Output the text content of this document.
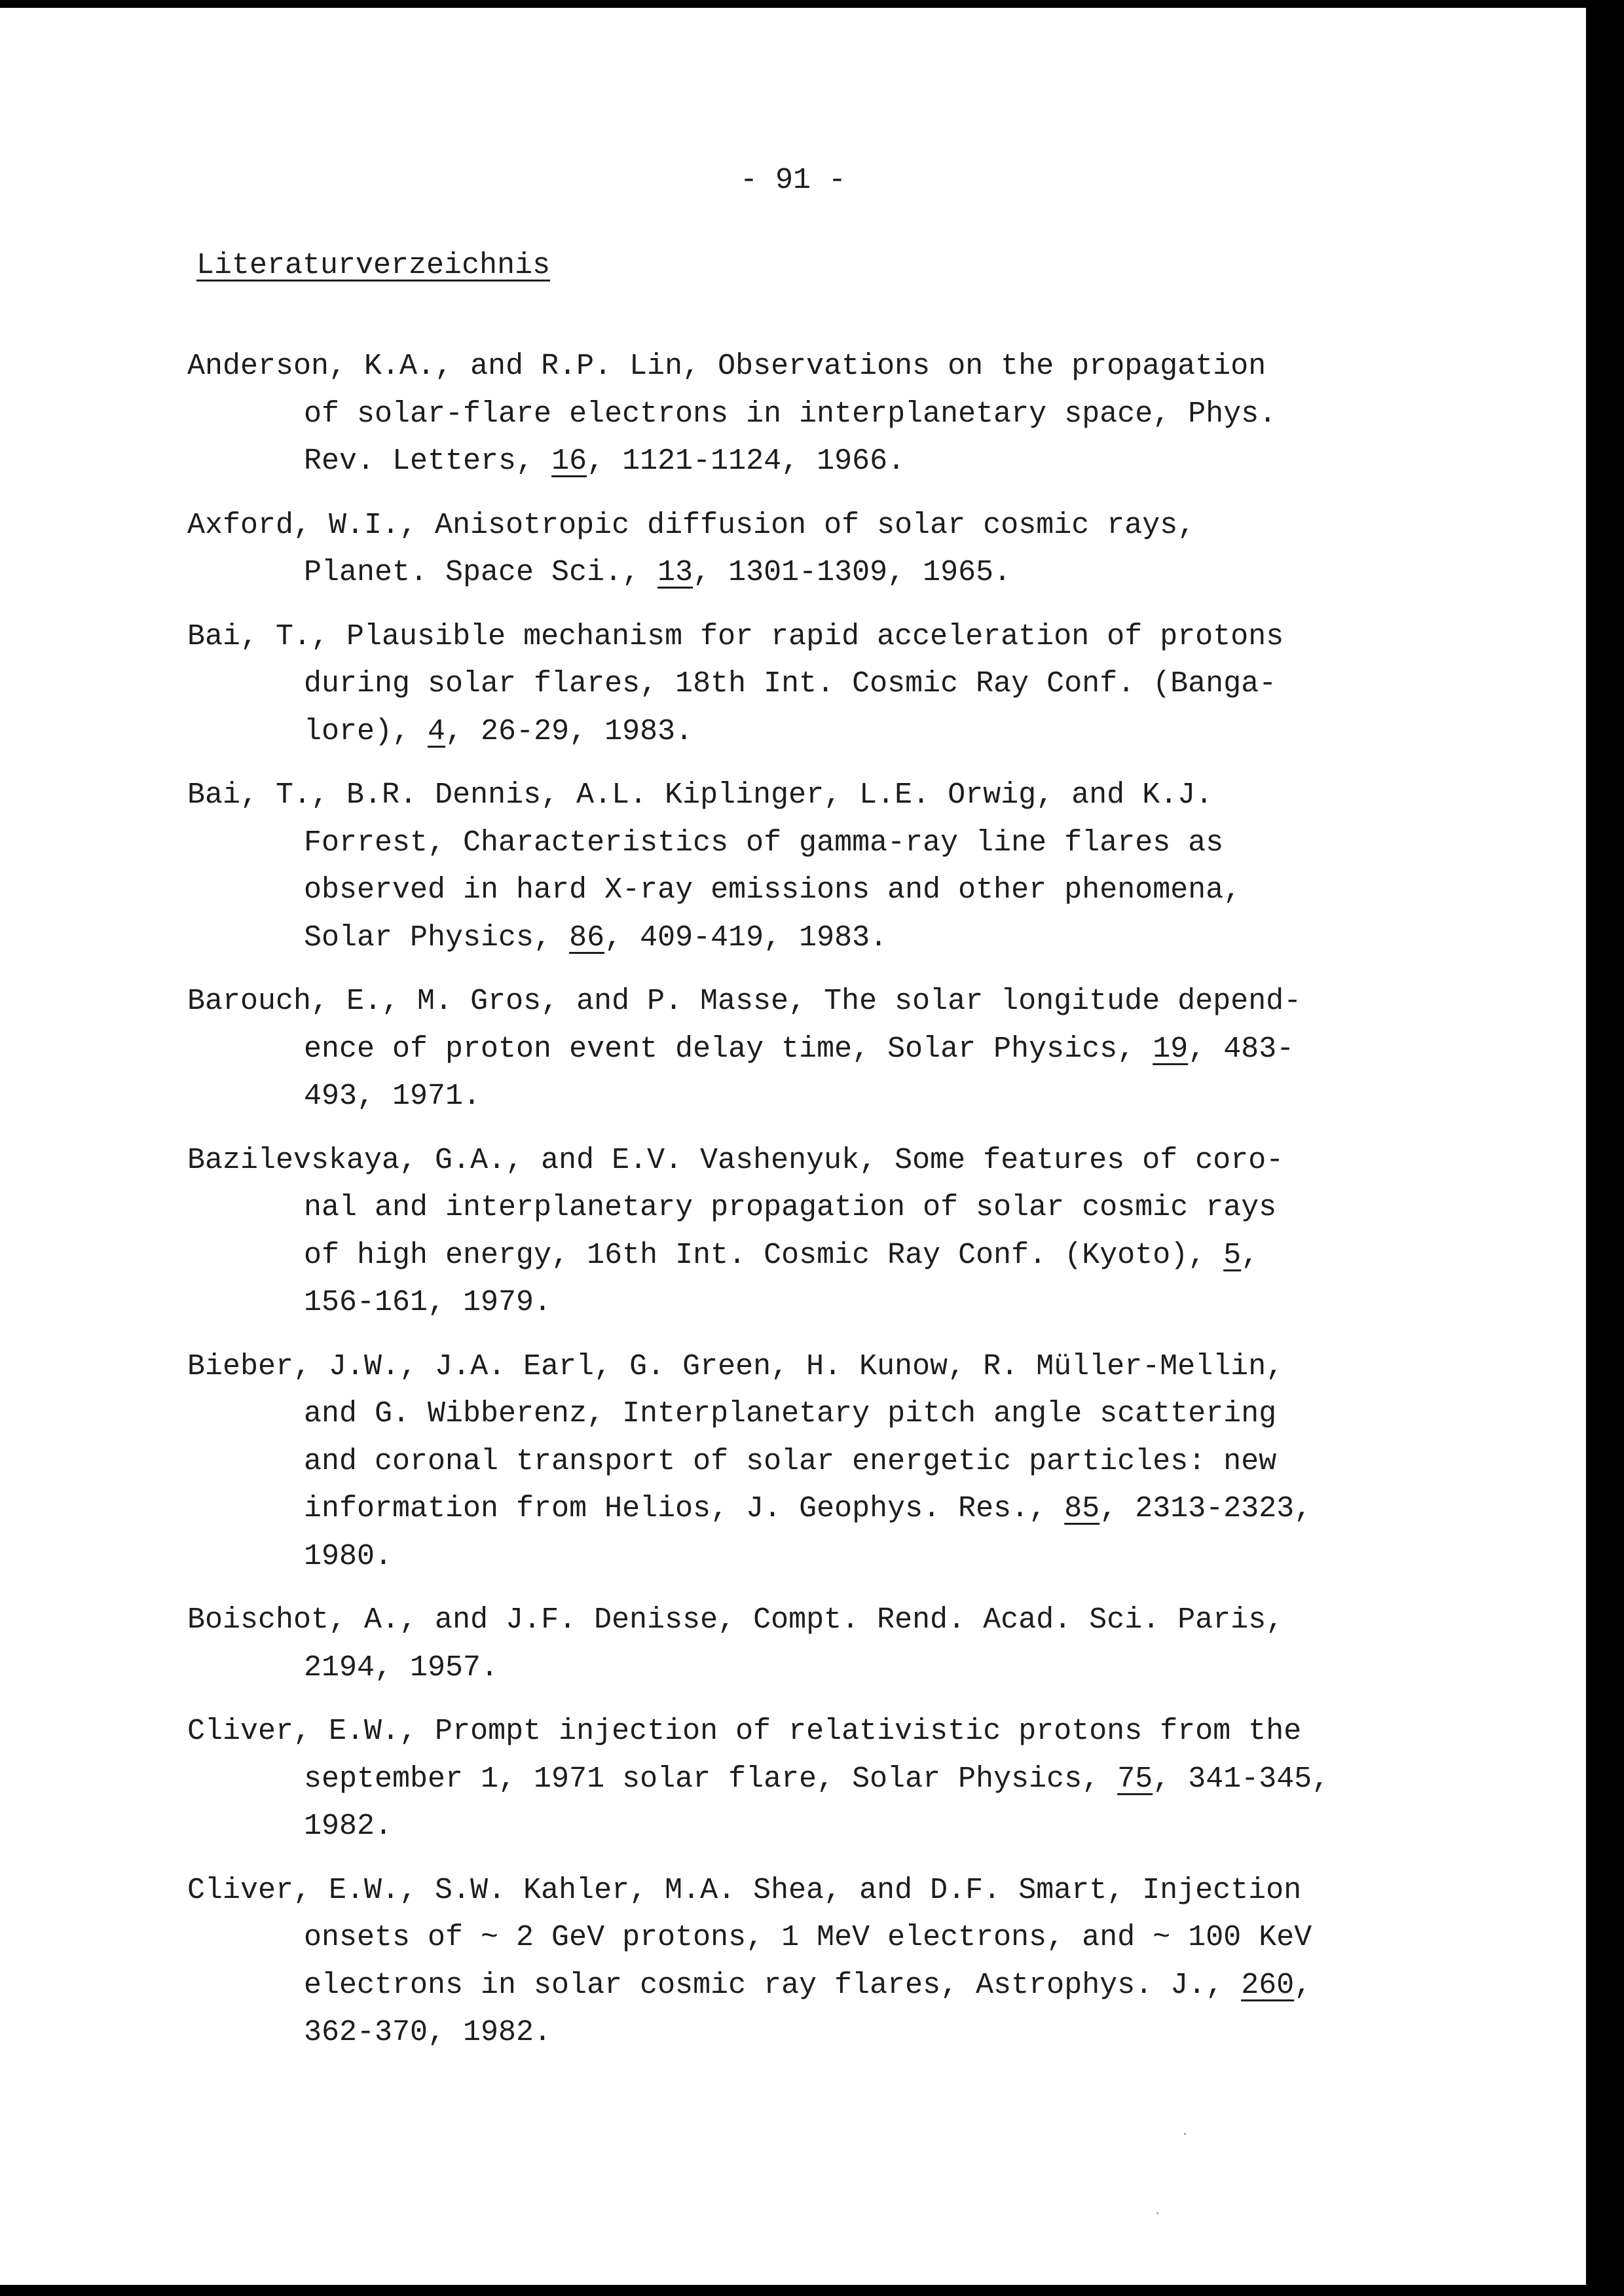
- 91 -
Literaturverzeichnis
Anderson, K.A., and R.P. Lin, Observations on the propagation
of solar-flare electrons in interplanetary space, Phys.
Rev. Letters, 16, 1121-1124, 1966.
Axford, W.I., Anisotropic diffusion of solar cosmic rays,
Planet. Space Sci., 13, 1301-1309, 1965.
Bai, T., Plausible mechanism for rapid acceleration of protons
during solar flares, 18th Int. Cosmic Ray Conf. (Banga-
lore), 4, 26-29, 1983.
Bai, T., B.R. Dennis, A.L. Kiplinger, L.E. Orwig, and K.J.
Forrest, Characteristics of gamma-ray line flares as
observed in hard X-ray emissions and other phenomena,
Solar Physics, 86, 409-419, 1983.
Barouch, E., M. Gros, and P. Masse, The solar longitude depend-
ence of proton event delay time, Solar Physics, 19, 483-
493, 1971.
Bazilevskaya, G.A., and E.V. Vashenyuk, Some features of coro-
nal and interplanetary propagation of solar cosmic rays
of high energy, 16th Int. Cosmic Ray Conf. (Kyoto), 5,
156-161, 1979.
Bieber, J.W., J.A. Earl, G. Green, H. Kunow, R. Müller-Mellin,
and G. Wibberenz, Interplanetary pitch angle scattering
and coronal transport of solar energetic particles: new
information from Helios, J. Geophys. Res., 85, 2313-2323,
1980.
Boischot, A., and J.F. Denisse, Compt. Rend. Acad. Sci. Paris,
2194, 1957.
Cliver, E.W., Prompt injection of relativistic protons from the
september 1, 1971 solar flare, Solar Physics, 75, 341-345,
1982.
Cliver, E.W., S.W. Kahler, M.A. Shea, and D.F. Smart, Injection
onsets of ~ 2 GeV protons, 1 MeV electrons, and ~ 100 KeV
electrons in solar cosmic ray flares, Astrophys. J., 260,
362-370, 1982.
